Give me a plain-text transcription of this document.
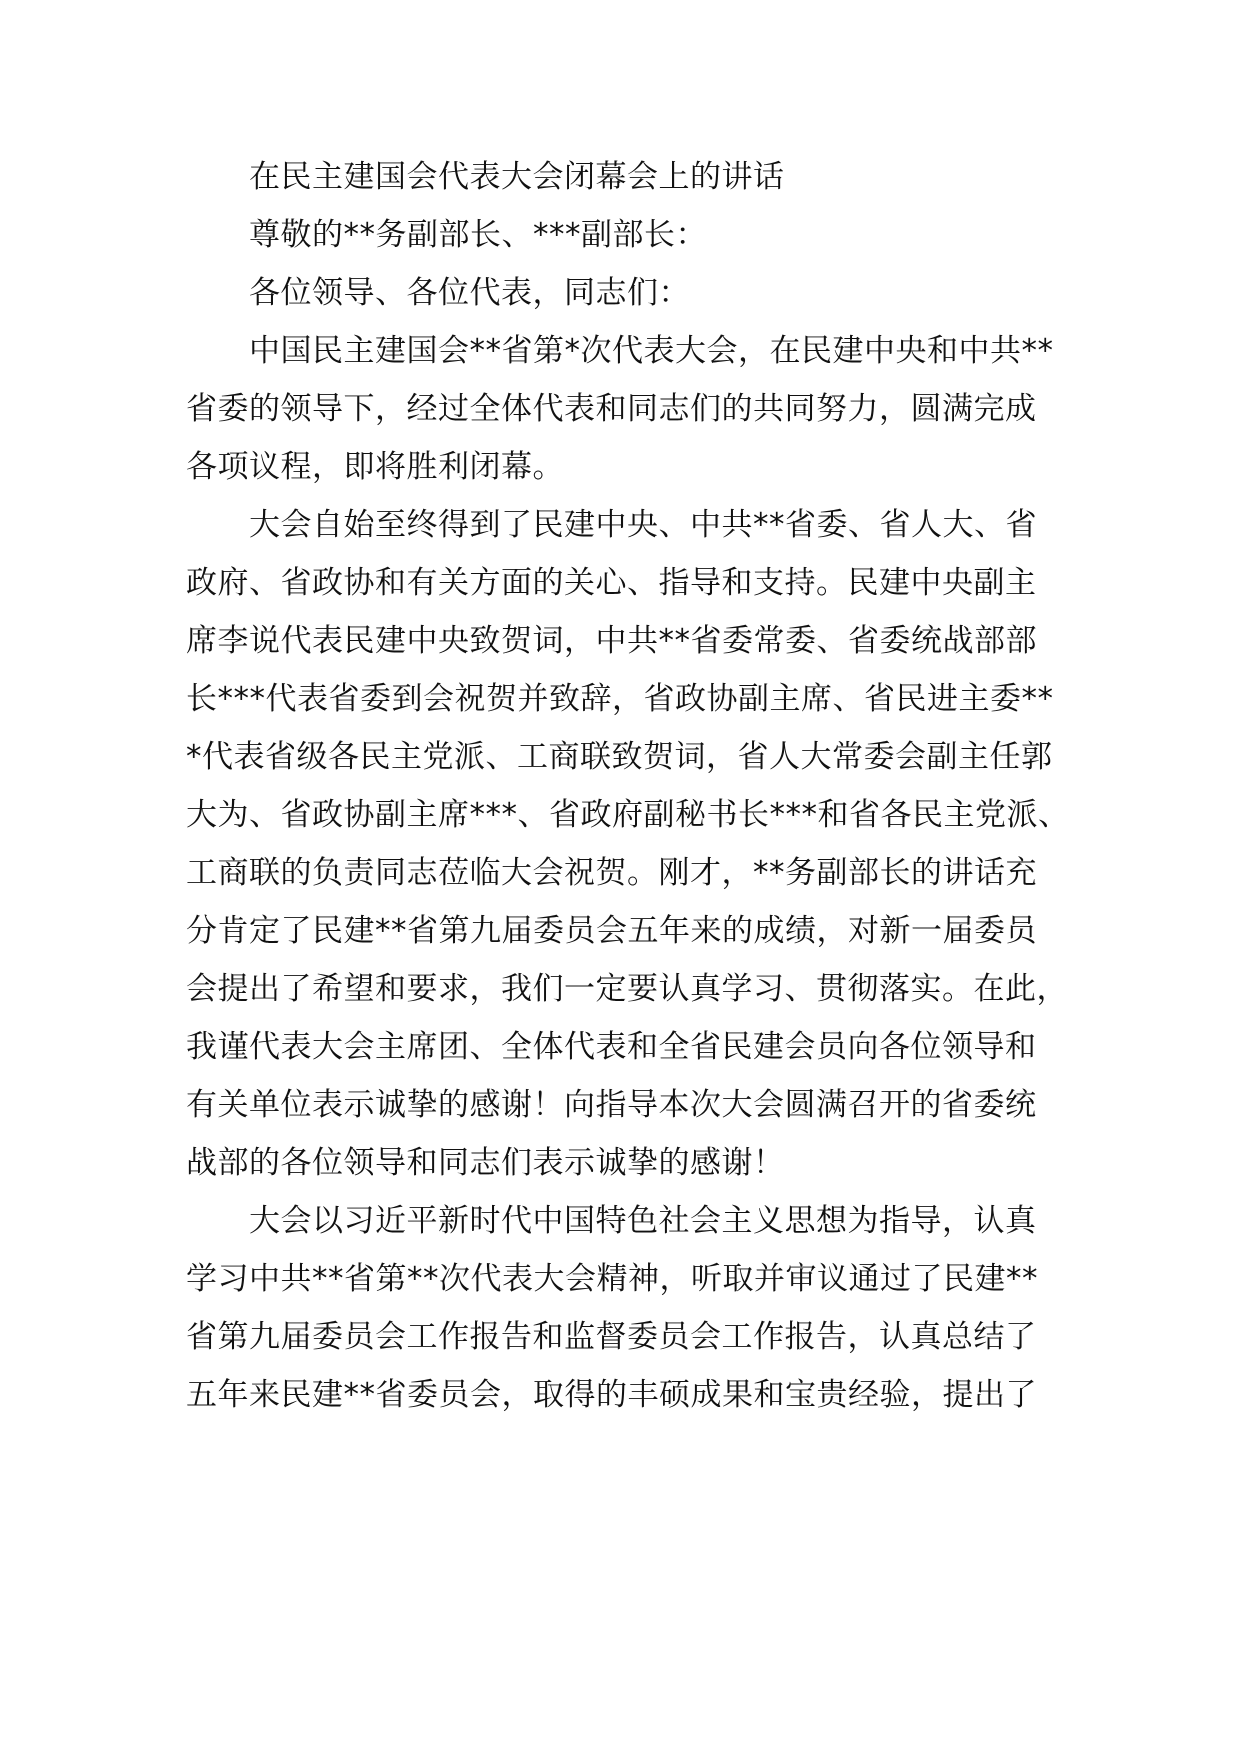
在民主建国会代表大会闭幕会上的讲话
尊敬的**务副部长、***副部长：
各位领导、各位代表，同志们：
中国民主建国会**省第*次代表大会，在民建中央和中共**
省委的领导下，经过全体代表和同志们的共同努力，圆满完成
各项议程，即将胜利闭幕。
大会自始至终得到了民建中央、中共**省委、省人大、省
政府、省政协和有关方面的关心、指导和支持。民建中央副主
席李说代表民建中央致贺词，中共**省委常委、省委统战部部
长***代表省委到会祝贺并致辞，省政协副主席、省民进主委**
*代表省级各民主党派、工商联致贺词，省人大常委会副主任郭
大为、省政协副主席***、省政府副秘书长***和省各民主党派、
工商联的负责同志莅临大会祝贺。刚才，**务副部长的讲话充
分肯定了民建**省第九届委员会五年来的成绩，对新一届委员
会提出了希望和要求，我们一定要认真学习、贯彻落实。在此，
我谨代表大会主席团、全体代表和全省民建会员向各位领导和
有关单位表示诚挚的感谢！向指导本次大会圆满召开的省委统
战部的各位领导和同志们表示诚挚的感谢！
大会以习近平新时代中国特色社会主义思想为指导，认真
学习中共**省第**次代表大会精神，听取并审议通过了民建**
省第九届委员会工作报告和监督委员会工作报告，认真总结了
五年来民建**省委员会，取得的丰硕成果和宝贵经验，提出了
